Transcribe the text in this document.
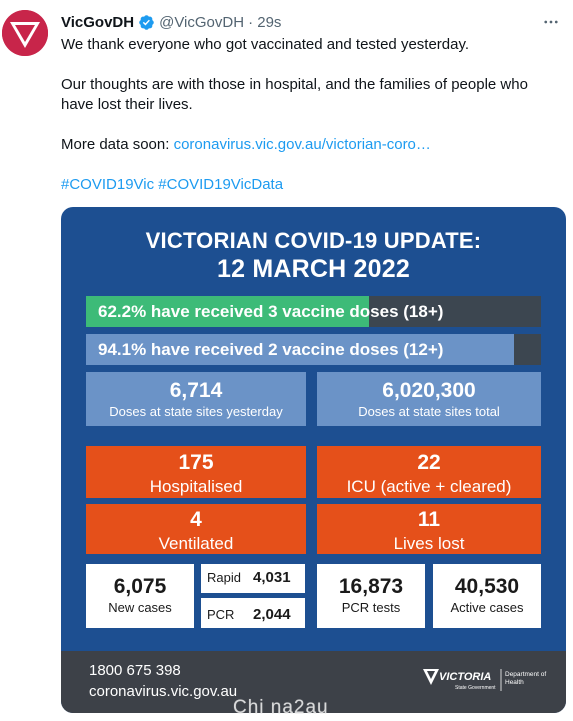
VicGovDH @VicGovDH · 29s

We thank everyone who got vaccinated and tested yesterday.

Our thoughts are with those in hospital, and the families of people who have lost their lives.

More data soon: coronavirus.vic.gov.au/victorian-coro…

#COVID19Vic #COVID19VicData

VICTORIAN COVID-19 UPDATE:
12 MARCH 2022
62.2% have received 3 vaccine doses (18+)
94.1% have received 2 vaccine doses (12+)
6,714
Doses at state sites yesterday
6,020,300
Doses at state sites total
175
Hospitalised
22
ICU (active + cleared)
4
Ventilated
11
Lives lost
6,075
New cases
Rapid 4,031
PCR 2,044
16,873
PCR tests
40,530
Active cases
1800 675 398
coronavirus.vic.gov.au
VICTORIA
State Government
Department of Health
Chi na2au
